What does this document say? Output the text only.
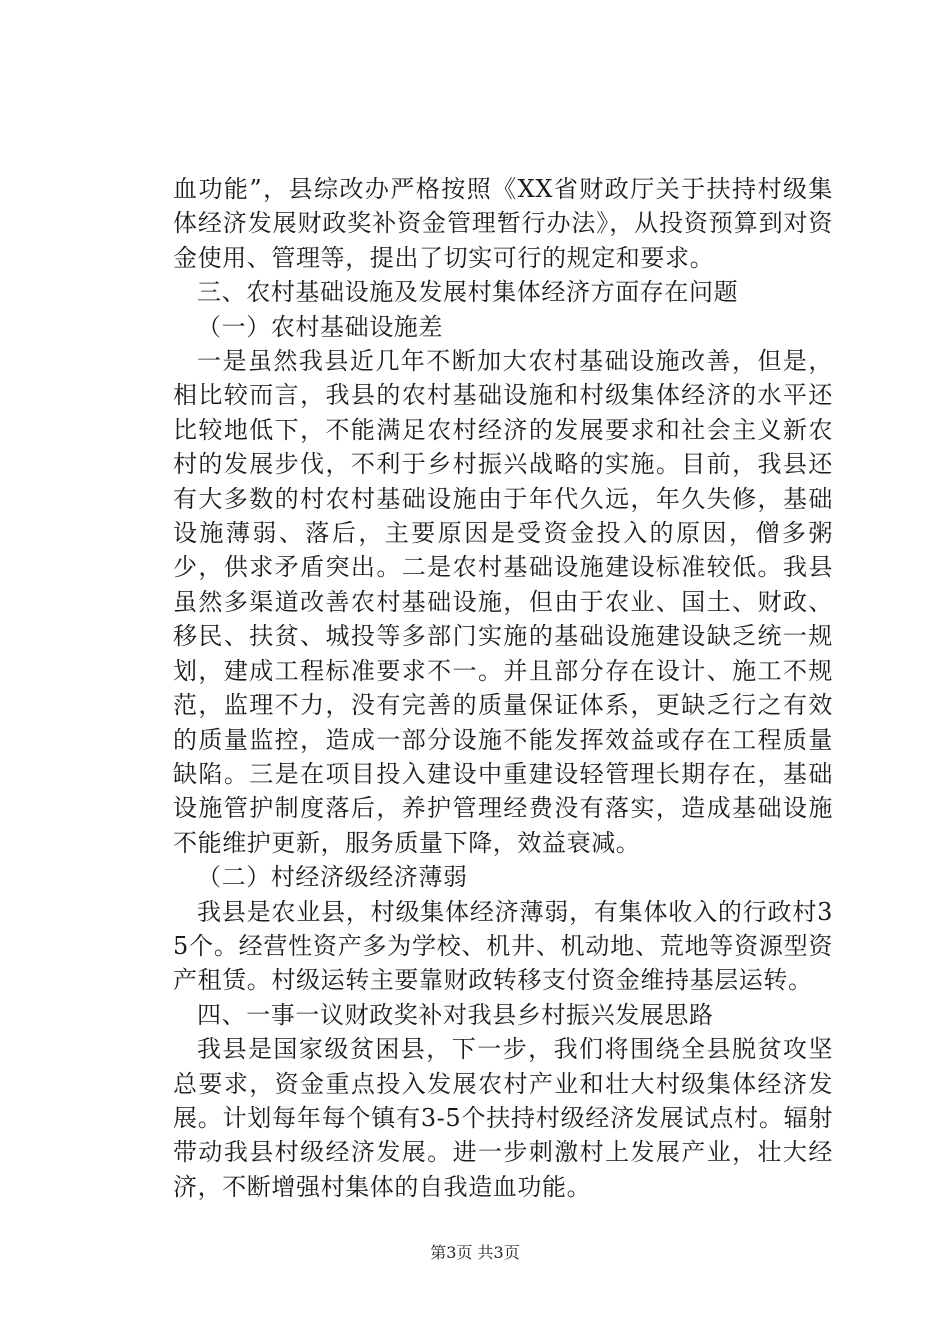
血功能”，县综改办严格按照《XX省财政厅关于扶持村级集体经济发展财政奖补资金管理暂行办法》，从投资预算到对资金使用、管理等，提出了切实可行的规定和要求。

三、农村基础设施及发展村集体经济方面存在问题

（一）农村基础设施差

一是虽然我县近几年不断加大农村基础设施改善，但是，相比较而言，我县的农村基础设施和村级集体经济的水平还比较地低下，不能满足农村经济的发展要求和社会主义新农村的发展步伐，不利于乡村振兴战略的实施。目前，我县还有大多数的村农村基础设施由于年代久远，年久失修，基础设施薄弱、落后，主要原因是受资金投入的原因，僧多粥少，供求矛盾突出。二是农村基础设施建设标准较低。我县虽然多渠道改善农村基础设施，但由于农业、国土、财政、移民、扶贫、城投等多部门实施的基础设施建设缺乏统一规划，建成工程标准要求不一。并且部分存在设计、施工不规范，监理不力，没有完善的质量保证体系，更缺乏行之有效的质量监控，造成一部分设施不能发挥效益或存在工程质量缺陷。三是在项目投入建设中重建设轻管理长期存在，基础设施管护制度落后，养护管理经费没有落实，造成基础设施不能维护更新，服务质量下降，效益衰减。

（二）村经济级经济薄弱

我县是农业县，村级集体经济薄弱，有集体收入的行政村35个。经营性资产多为学校、机井、机动地、荒地等资源型资产租赁。村级运转主要靠财政转移支付资金维持基层运转。

四、一事一议财政奖补对我县乡村振兴发展思路

我县是国家级贫困县，下一步，我们将围绕全县脱贫攻坚总要求，资金重点投入发展农村产业和壮大村级集体经济发展。计划每年每个镇有3-5个扶持村级经济发展试点村。辐射带动我县村级经济发展。进一步刺激村上发展产业，壮大经济，不断增强村集体的自我造血功能。

第3页 共3页
